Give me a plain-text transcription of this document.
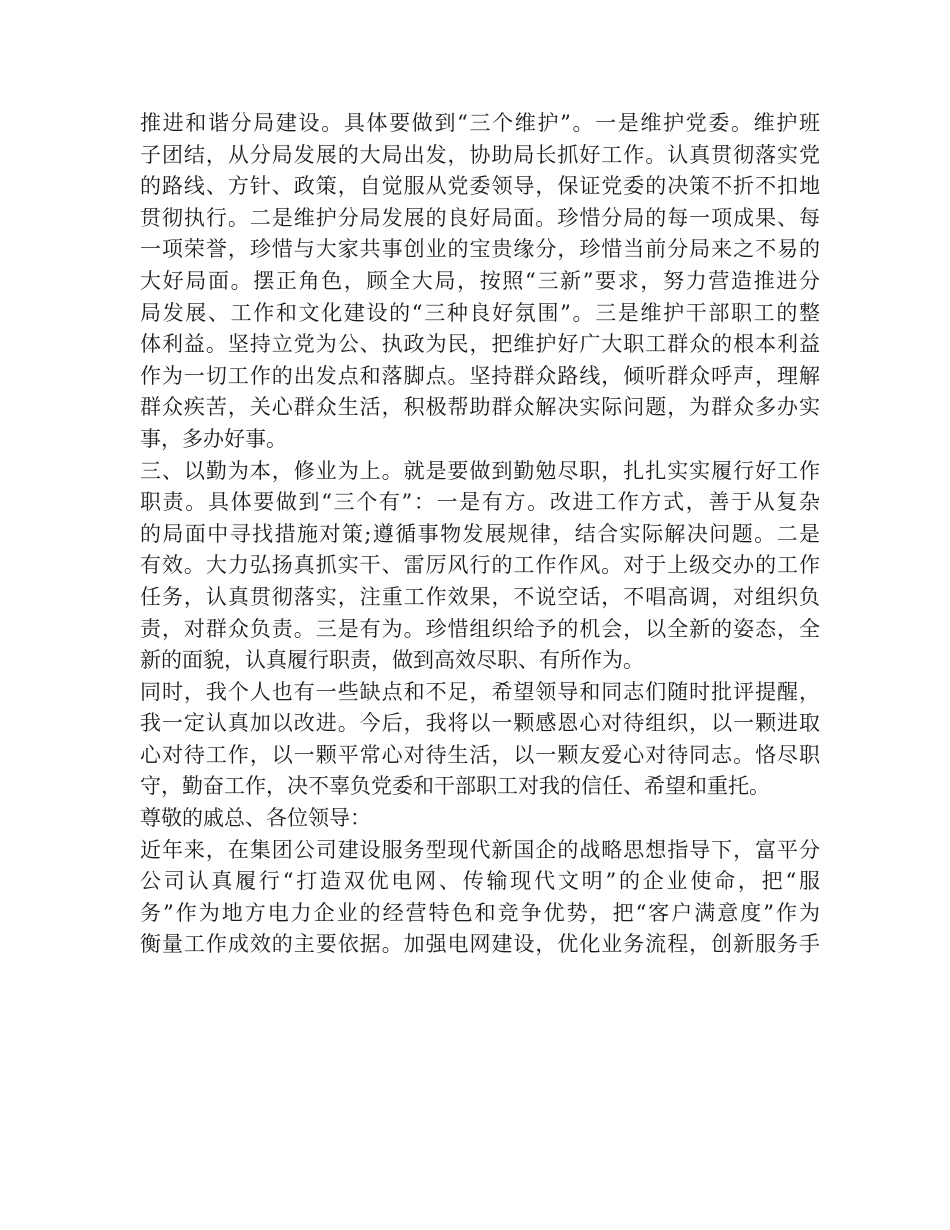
推进和谐分局建设。具体要做到“三个维护”。一是维护党委。维护班
子团结，从分局发展的大局出发，协助局长抓好工作。认真贯彻落实党
的路线、方针、政策，自觉服从党委领导，保证党委的决策不折不扣地
贯彻执行。二是维护分局发展的良好局面。珍惜分局的每一项成果、每
一项荣誉，珍惜与大家共事创业的宝贵缘分，珍惜当前分局来之不易的
大好局面。摆正角色，顾全大局，按照“三新”要求，努力营造推进分
局发展、工作和文化建设的“三种良好氛围”。三是维护干部职工的整
体利益。坚持立党为公、执政为民，把维护好广大职工群众的根本利益
作为一切工作的出发点和落脚点。坚持群众路线，倾听群众呼声，理解
群众疾苦，关心群众生活，积极帮助群众解决实际问题，为群众多办实
事，多办好事。
三、以勤为本，修业为上。就是要做到勤勉尽职，扎扎实实履行好工作
职责。具体要做到“三个有”：一是有方。改进工作方式，善于从复杂
的局面中寻找措施对策;遵循事物发展规律，结合实际解决问题。二是
有效。大力弘扬真抓实干、雷厉风行的工作作风。对于上级交办的工作
任务，认真贯彻落实，注重工作效果，不说空话，不唱高调，对组织负
责，对群众负责。三是有为。珍惜组织给予的机会，以全新的姿态，全
新的面貌，认真履行职责，做到高效尽职、有所作为。
同时，我个人也有一些缺点和不足，希望领导和同志们随时批评提醒，
我一定认真加以改进。今后，我将以一颗感恩心对待组织，以一颗进取
心对待工作，以一颗平常心对待生活，以一颗友爱心对待同志。恪尽职
守，勤奋工作，决不辜负党委和干部职工对我的信任、希望和重托。
尊敬的戚总、各位领导：
近年来，在集团公司建设服务型现代新国企的战略思想指导下，富平分
公司认真履行“打造双优电网、传输现代文明”的企业使命，把“服
务”作为地方电力企业的经营特色和竞争优势，把“客户满意度”作为
衡量工作成效的主要依据。加强电网建设，优化业务流程，创新服务手
